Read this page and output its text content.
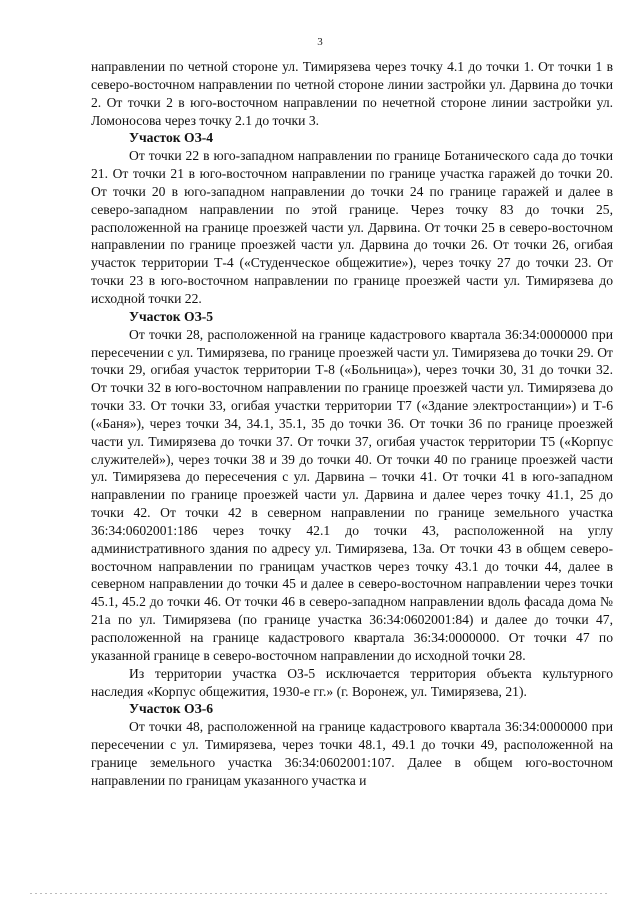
3

направлении по четной стороне ул. Тимирязева через точку 4.1 до точки 1. От точки 1 в северо-восточном направлении по четной стороне линии застройки ул. Дарвина до точки 2. От точки 2 в юго-восточном направлении по нечетной стороне линии застройки ул. Ломоносова через точку 2.1 до точки 3.

Участок ОЗ-4

От точки 22 в юго-западном направлении по границе Ботанического сада до точки 21. От точки 21 в юго-восточном направлении по границе участка гаражей до точки 20. От точки 20 в юго-западном направлении до точки 24 по границе гаражей и далее в северо-западном направлении по этой границе. Через точку 83 до точки 25, расположенной на границе проезжей части ул. Дарвина. От точки 25 в северо-восточном направлении по границе проезжей части ул. Дарвина до точки 26. От точки 26, огибая участок территории Т-4 («Студенческое общежитие»), через точку 27 до точки 23. От точки 23 в юго-восточном направлении по границе проезжей части ул. Тимирязева до исходной точки 22.

Участок ОЗ-5

От точки 28, расположенной на границе кадастрового квартала 36:34:0000000 при пересечении с ул. Тимирязева, по границе проезжей части ул. Тимирязева до точки 29. От точки 29, огибая участок территории Т-8 («Больница»), через точки 30, 31 до точки 32. От точки 32 в юго-восточном направлении по границе проезжей части ул. Тимирязева до точки 33. От точки 33, огибая участки территории Т7 («Здание электростанции») и Т-6 («Баня»), через точки 34, 34.1, 35.1, 35 до точки 36. От точки 36 по границе проезжей части ул. Тимирязева до точки 37. От точки 37, огибая участок территории Т5 («Корпус служителей»), через точки 38 и 39 до точки 40. От точки 40 по границе проезжей части ул. Тимирязева до пересечения с ул. Дарвина – точки 41. От точки 41 в юго-западном направлении по границе проезжей части ул. Дарвина и далее через точку 41.1, 25 до точки 42. От точки 42 в северном направлении по границе земельного участка 36:34:0602001:186 через точку 42.1 до точки 43, расположенной на углу административного здания по адресу ул. Тимирязева, 13а. От точки 43 в общем северо-восточном направлении по границам участков через точку 43.1 до точки 44, далее в северном направлении до точки 45 и далее в северо-восточном направлении через точки 45.1, 45.2 до точки 46. От точки 46 в северо-западном направлении вдоль фасада дома № 21а по ул. Тимирязева (по границе участка 36:34:0602001:84) и далее до точки 47, расположенной на границе кадастрового квартала 36:34:0000000. От точки 47 по указанной границе в северо-восточном направлении до исходной точки 28.

Из территории участка ОЗ-5 исключается территория объекта культурного наследия «Корпус общежития, 1930-е гг.» (г. Воронеж, ул. Тимирязева, 21).

Участок ОЗ-6

От точки 48, расположенной на границе кадастрового квартала 36:34:0000000 при пересечении с ул. Тимирязева, через точки 48.1, 49.1 до точки 49, расположенной на границе земельного участка 36:34:0602001:107. Далее в общем юго-восточном направлении по границам указанного участка и
